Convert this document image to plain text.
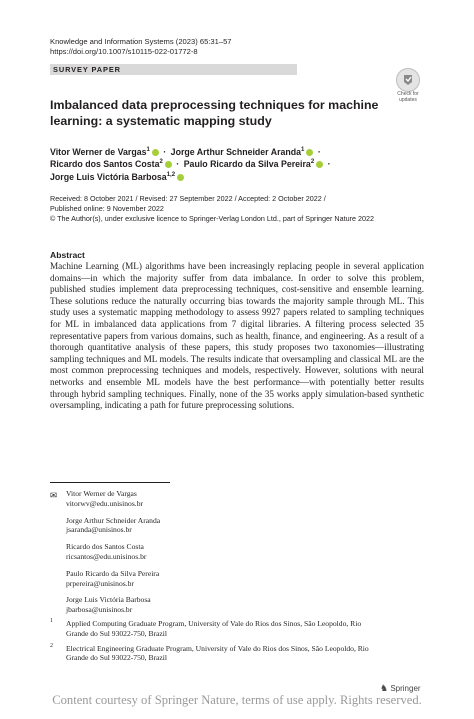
Knowledge and Information Systems (2023) 65:31–57
https://doi.org/10.1007/s10115-022-01772-8
SURVEY PAPER
Check for
updates
Imbalanced data preprocessing techniques for machine learning: a systematic mapping study
Vitor Werner de Vargas$^1$ · Jorge Arthur Schneider Aranda$^1$ ·
Ricardo dos Santos Costa$^2$ · Paulo Ricardo da Silva Pereira$^2$ ·
Jorge Luis Victória Barbosa$^{1,2}$
Received: 8 October 2021 / Revised: 27 September 2022 / Accepted: 2 October 2022 /
Published online: 9 November 2022
© The Author(s), under exclusive licence to Springer-Verlag London Ltd., part of Springer Nature 2022
Abstract

Machine Learning (ML) algorithms have been increasingly replacing people in several application domains—in which the majority suffer from data imbalance. In order to solve this problem, published studies implement data preprocessing techniques, cost-sensitive and ensemble learning. These solutions reduce the naturally occurring bias towards the majority sample through ML. This study uses a systematic mapping methodology to assess 9927 papers related to sampling techniques for ML in imbalanced data applications from 7 digital libraries. A filtering process selected 35 representative papers from various domains, such as health, finance, and engineering. As a result of a thorough quantitative analysis of these papers, this study proposes two taxonomies—illustrating sampling techniques and ML models. The results indicate that oversampling and classical ML are the most common preprocessing techniques and models, respectively. However, solutions with neural networks and ensemble ML models have the best performance—with potentially better results through hybrid sampling techniques. Finally, none of the 35 works apply simulation-based synthetic oversampling, indicating a path for future preprocessing solutions.

✉ Vitor Werner de Vargas
vitorwv@edu.unisinos.br
Jorge Arthur Schneider Aranda
jsaranda@unisinos.br
Ricardo dos Santos Costa
ricsantos@edu.unisinos.br
Paulo Ricardo da Silva Pereira
prpereira@unisinos.br
Jorge Luis Victória Barbosa
jbarbosa@unisinos.br
1 Applied Computing Graduate Program, University of Vale do Rios dos Sinos, São Leopoldo, Rio
Grande do Sul 93022-750, Brazil
2 Electrical Engineering Graduate Program, University of Vale do Rios dos Sinos, São Leopoldo, Rio
Grande do Sul 93022-750, Brazil
♞ Springer
Content courtesy of Springer Nature, terms of use apply. Rights reserved.
